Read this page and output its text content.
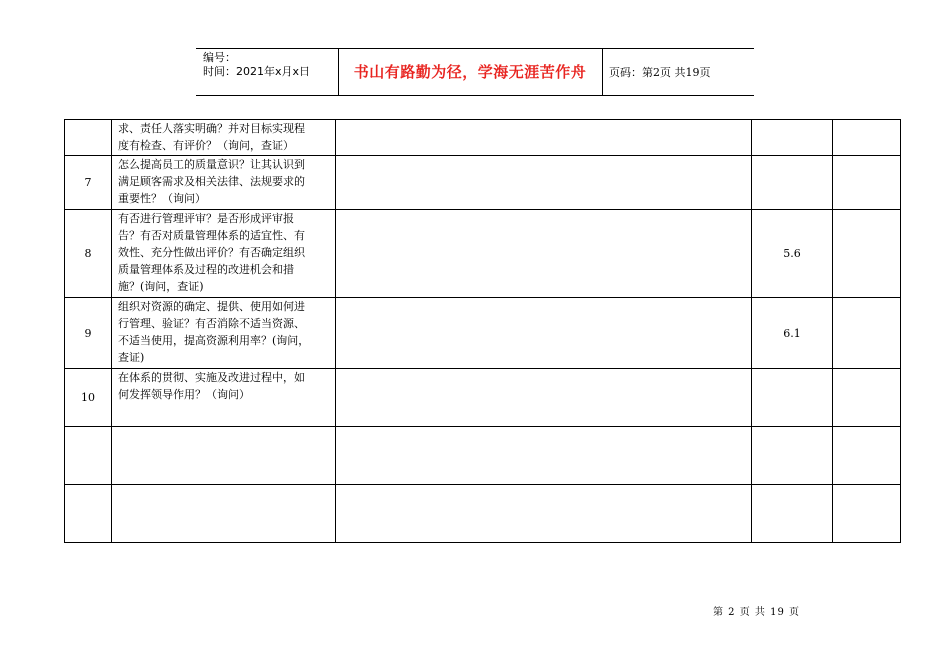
编号：
时间：2021年x月x日	书山有路勤为径，学海无涯苦作舟	页码：第2页 共19页

	求、责任人落实明确？并对目标实现程
度有检查、有评价？（询问，查证）			

7	怎么提高员工的质量意识？让其认识到
满足顾客需求及相关法律、法规要求的
重要性？（询问）			

8	有否进行管理评审？是否形成评审报
告？有否对质量管理体系的适宜性、有
效性、充分性做出评价？有否确定组织
质量管理体系及过程的改进机会和措
施？(询问，查证)		5.6	
9	组织对资源的确定、提供、使用如何进
行管理、验证？有否消除不适当资源、
不适当使用，提高资源利用率？(询问，
查证)		6.1	
10	在体系的贯彻、实施及改进过程中，如
何发挥领导作用？（询问）			

第 2 页 共 19 页
